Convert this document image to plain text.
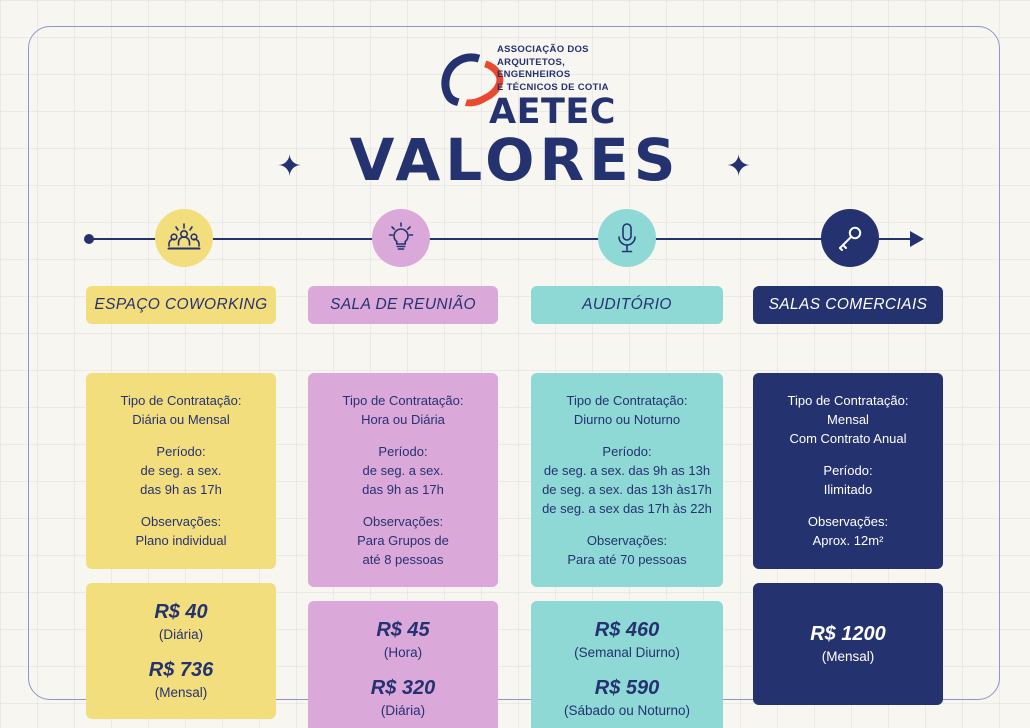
ASSOCIAÇÃO DOS
ARQUITETOS,
ENGENHEIROS
E TÉCNICOS DE COTIA
AETEC
VALORES
✦	✦
ESPAÇO COWORKING
Tipo de Contratação:
Diária ou Mensal
Período:
de seg. a sex.
das 9h as 17h
Observações:
Plano individual
R$ 40
(Diária)
R$ 736
(Mensal)
SALA DE REUNIÃO
Tipo de Contratação:
Hora ou Diária
Período:
de seg. a sex.
das 9h as 17h
Observações:
Para Grupos de
até 8 pessoas
R$ 45
(Hora)
R$ 320
(Diária)
AUDITÓRIO
Tipo de Contratação:
Diurno ou Noturno
Período:
de seg. a sex. das 9h as 13h
de seg. a sex. das 13h às17h
de seg. a sex das 17h às 22h
Observações:
Para até 70 pessoas
R$ 460
(Semanal Diurno)
R$ 590
(Sábado ou Noturno)
SALAS COMERCIAIS
Tipo de Contratação:
Mensal
Com Contrato Anual
Período:
Ilimitado
Observações:
Aprox. 12m²
R$ 1200
(Mensal)
